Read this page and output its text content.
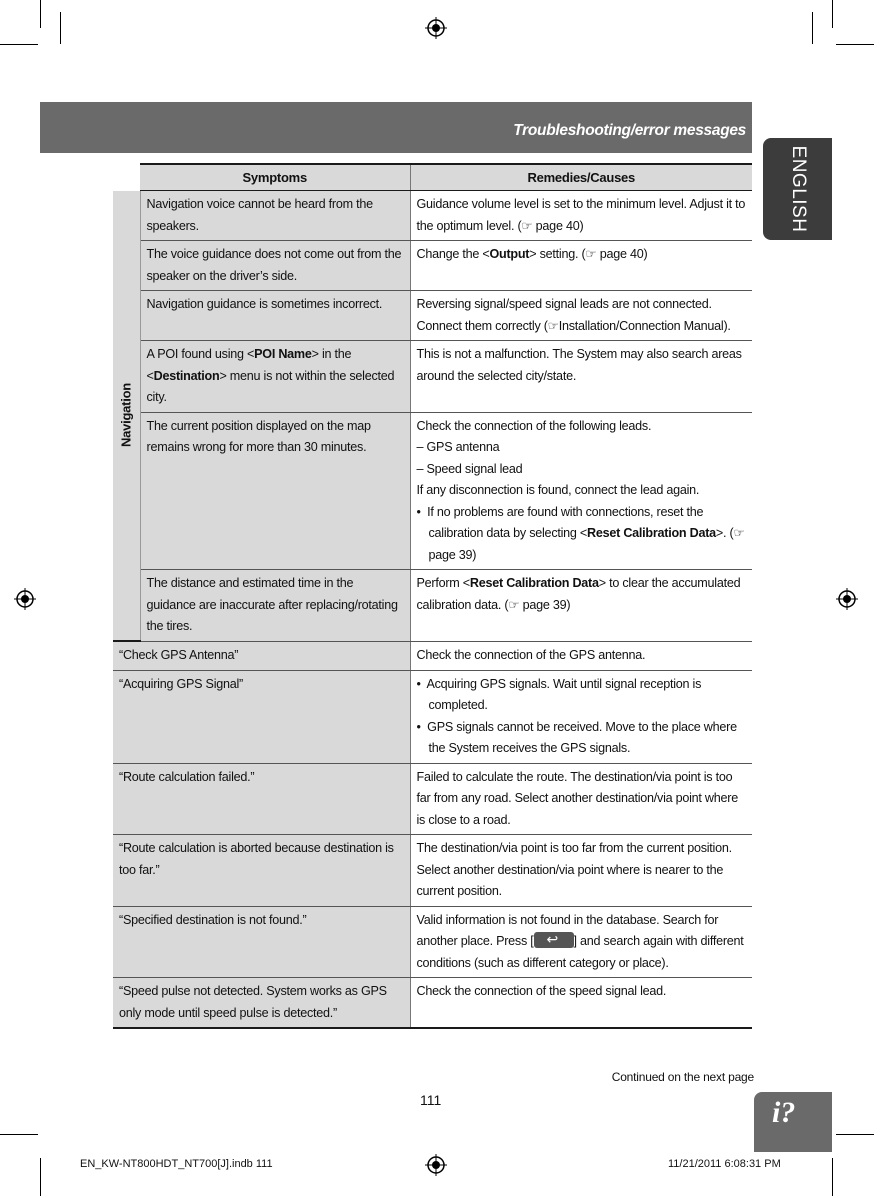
Troubleshooting/error messages
ENGLISH
	Symptoms	Remedies/Causes

Navigation	Navigation voice cannot be heard from the speakers.	Guidance volume level is set to the minimum level. Adjust it to the optimum level. (☞ page 40)
	The voice guidance does not come out from the speaker on the driver’s side.	Change the <Output> setting. (☞ page 40)
	Navigation guidance is sometimes incorrect.	Reversing signal/speed signal leads are not connected. Connect them correctly (☞Installation/Connection Manual).
	A POI found using <POI Name> in the <Destination> menu is not within the selected city.	This is not a malfunction. The System may also search areas around the selected city/state.
	The current position displayed on the map remains wrong for more than 30 minutes.	Check the connection of the following leads.
– GPS antenna
– Speed signal lead
If any disconnection is found, connect the lead again.
•  If no problems are found with connections, reset the calibration data by selecting <Reset Calibration Data>. (☞ page 39)

	The distance and estimated time in the guidance are inaccurate after replacing/rotating the tires.	Perform <Reset Calibration Data> to clear the accumulated calibration data. (☞ page 39)
“Check GPS Antenna”		Check the connection of the GPS antenna.
“Acquiring GPS Signal”		•  Acquiring GPS signals. Wait until signal reception is completed.
•  GPS signals cannot be received. Move to the place where the System receives the GPS signals.

“Route calculation failed.”		Failed to calculate the route. The destination/via point is too far from any road. Select another destination/via point where is close to a road.
“Route calculation is aborted because destination is too far.”		The destination/via point is too far from the current position. Select another destination/via point where is nearer to the current position.
“Specified destination is not found.”		Valid information is not found in the database. Search for another place. Press [ ↩ ] and search again with different conditions (such as different category or place).
“Speed pulse not detected. System works as GPS only mode until speed pulse is detected.”		Check the connection of the speed signal lead.
Continued on the next page
111	i?
EN_KW-NT800HDT_NT700[J].indb 111	11/21/2011 6:08:31 PM
